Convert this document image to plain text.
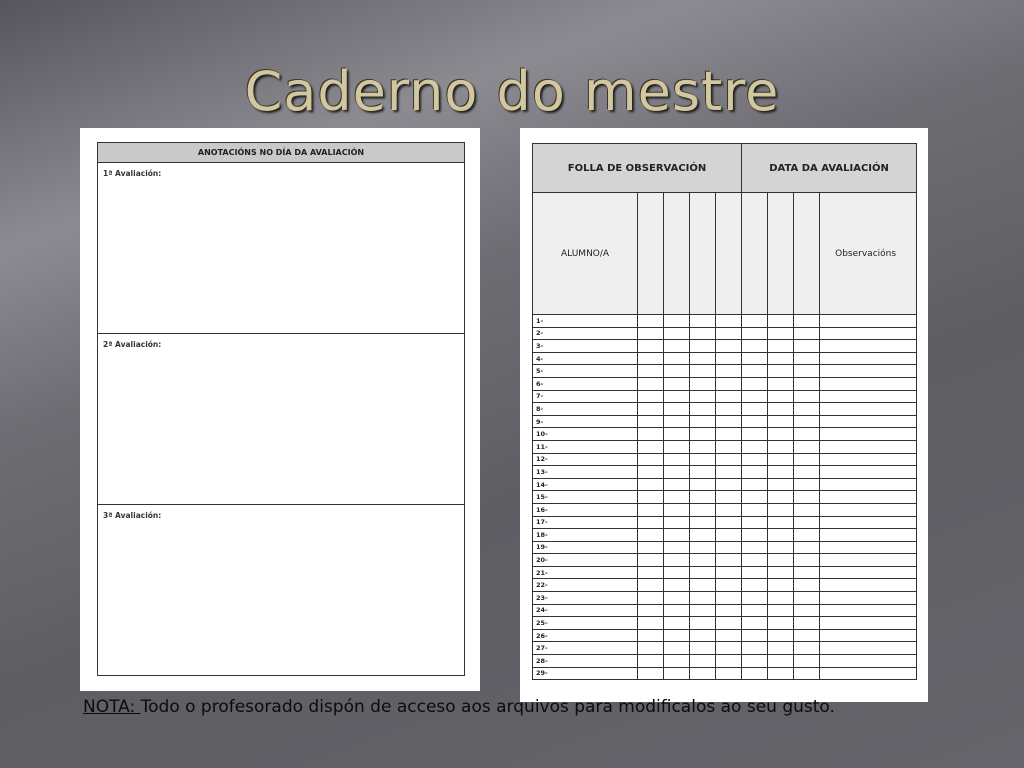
Caderno do mestre
ANOTACIÓNS NO DÍA DA AVALIACIÓN
1ª Avaliación:
2ª Avaliación:
3ª Avaliación:
FOLLA DE OBSERVACIÓN					DATA DA AVALIACIÓN			
ALUMNO/A								Observacións
1-								
2-								
3-								
4-								
5-								
6-								
7-								
8-								
9-								
10-								
11-								
12-								
13-								
14-								
15-								
16-								
17-								
18-								
19-								
20-								
21-								
22-								
23-								
24-								
25-								
26-								
27-								
28-								
29-								
NOTA: Todo o profesorado dispón de acceso aos arquivos para modificalos ao seu gusto.
